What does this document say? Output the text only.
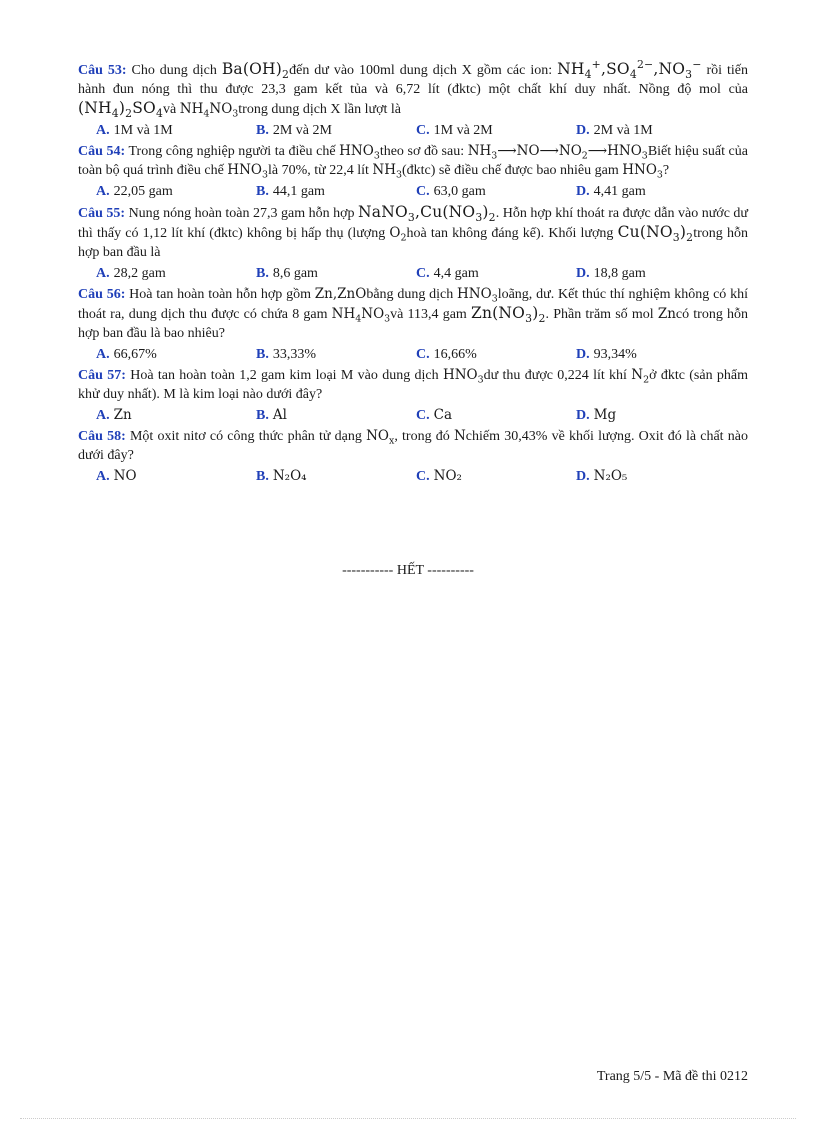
Câu 53: Cho dung dịch $Ba(OH)_2đến$ dư vào 100ml dung dịch X gồm các ion: $NH_4^+,SO_4^{2-},NO_3^-$ rồi tiến hành đun nóng thì thu được 23,3 gam kết tủa và 6,72 lít (đktc) một chất khí duy nhất. Nồng độ mol của $(NH_4)_2SO_4và$ $NH_4NO_3trong$ dung dịch X lần lượt là
A. 1M và 1M	B. 2M và 2M	C. 1M và 2M	D. 2M và 1M
Câu 54: Trong công nghiệp người ta điều chế $HNO_3theo$ sơ đồ sau: $NH_3⟶NO⟶NO_2⟶HNO_3Biết$ hiệu suất của toàn bộ quá trình điều chế $HNO_3là$ 70%, từ 22,4 lít $NH_3(đktc)$ sẽ điều chế được bao nhiêu gam $HNO_3$?
A. 22,05 gam	B. 44,1 gam	C. 63,0 gam	D. 4,41 gam
Câu 55: Nung nóng hoàn toàn 27,3 gam hỗn hợp $NaNO_3,Cu(NO_3)_2$. Hỗn hợp khí thoát ra được dẫn vào nước dư thì thấy có 1,12 lít khí (đktc) không bị hấp thụ (lượng $O_2hoà$ tan không đáng kể). Khối lượng $Cu(NO_3)_2trong$ hỗn hợp ban đầu là
A. 28,2 gam	B. 8,6 gam	C. 4,4 gam	D. 18,8 gam
Câu 56: Hoà tan hoàn toàn hỗn hợp gồm Zn,ZnObằng dung dịch $HNO_3loãng$, dư. Kết thúc thí nghiệm không có khí thoát ra, dung dịch thu được có chứa 8 gam $NH_4NO_3và$ 113,4 gam $Zn(NO_3)_2$. Phần trăm số mol Zncó trong hỗn hợp ban đầu là bao nhiêu?
A. 66,67%	B. 33,33%	C. 16,66%	D. 93,34%
Câu 57: Hoà tan hoàn toàn 1,2 gam kim loại M vào dung dịch $HNO_3dư$ thu được 0,224 lít khí $N_2ở$ đktc (sản phẩm khử duy nhất). M là kim loại nào dưới đây?
A. Zn	B. Al	C. Ca	D. Mg
Câu 58: Một oxit nitơ có công thức phân tử dạng $NO_x$, trong đó Nchiếm 30,43% về khối lượng. Oxit đó là chất nào dưới đây?
A. NO	B. N₂O₄	C. NO₂	D. N₂O₅
----------- HẾT ----------
Trang 5/5 - Mã đề thi 0212
